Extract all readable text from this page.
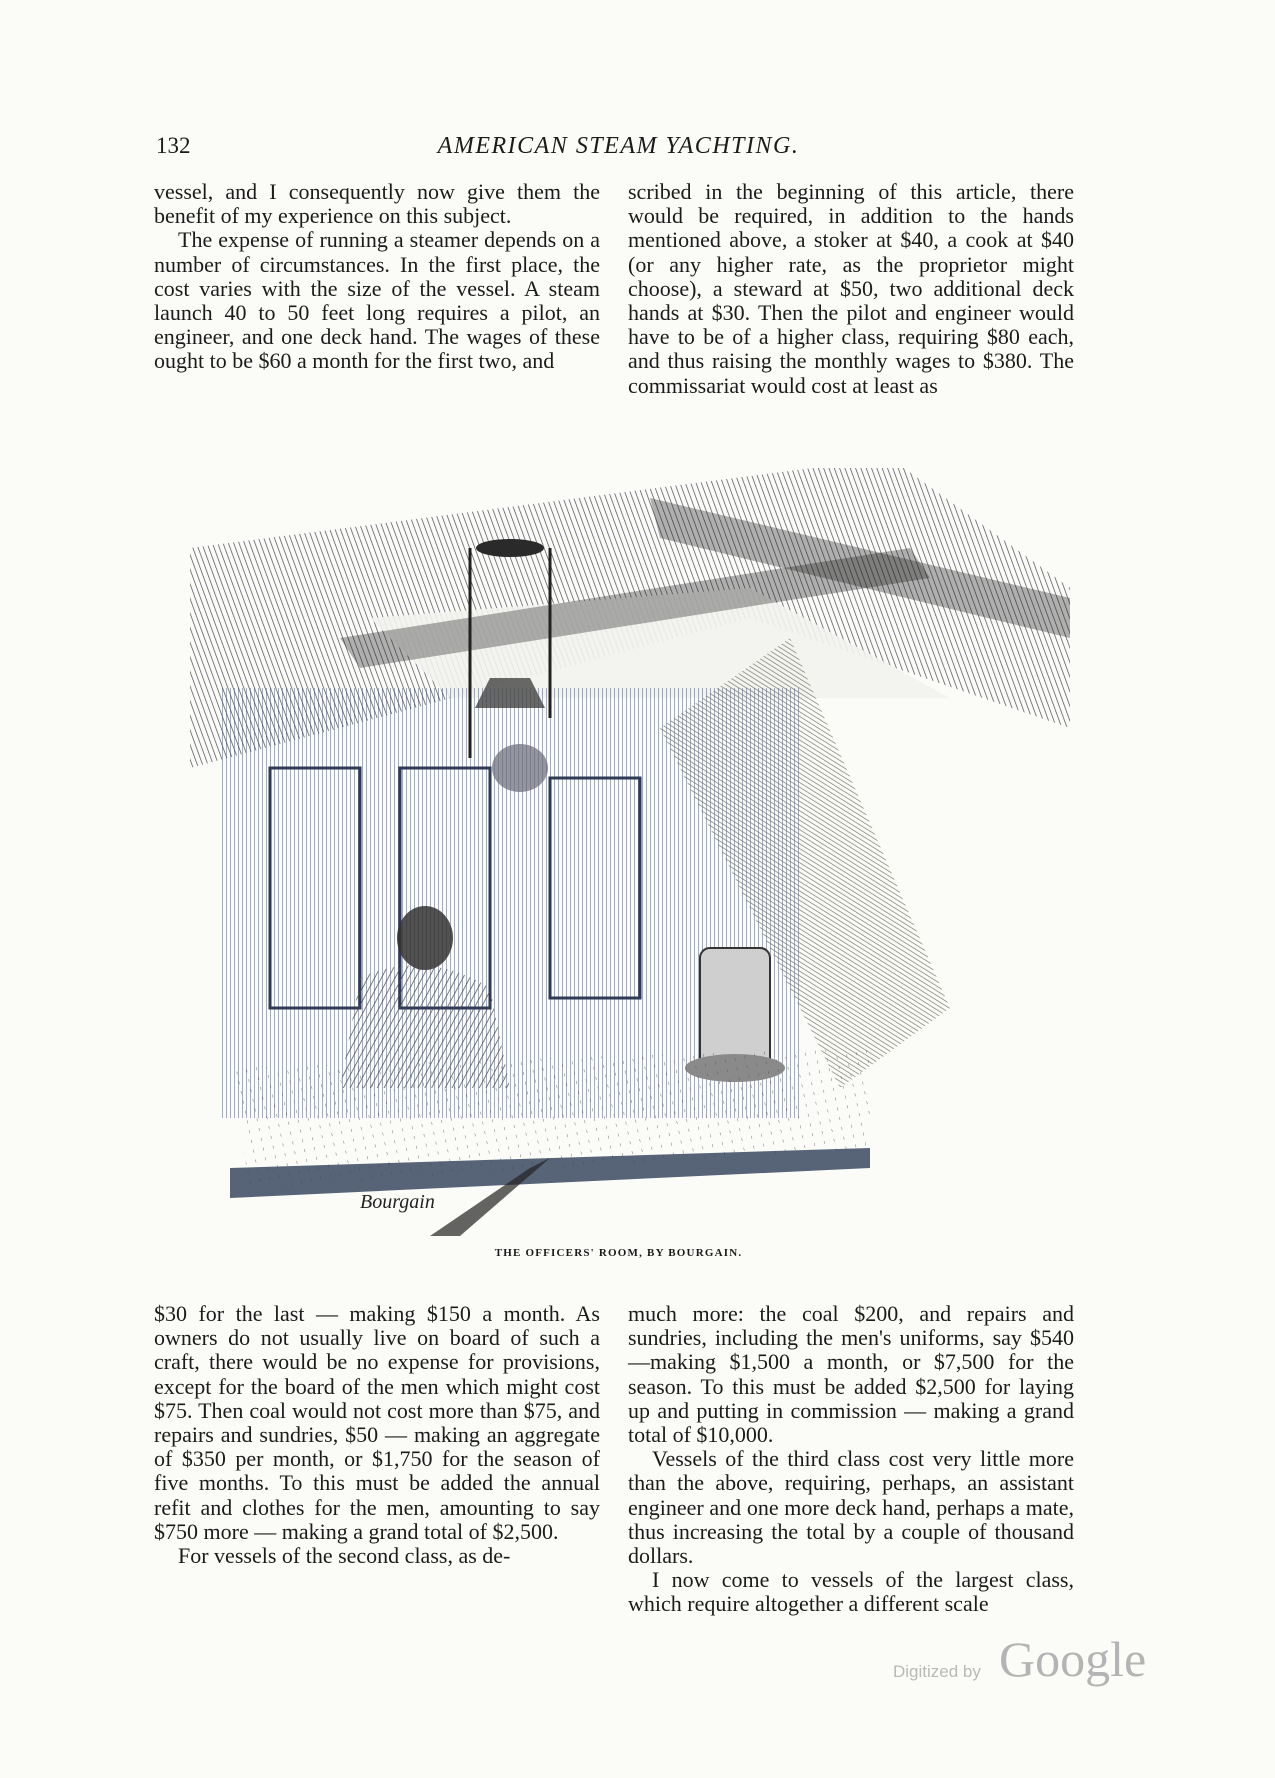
132	AMERICAN STEAM YACHTING.

vessel, and I consequently now give them the benefit of my experience on this subject.

The expense of running a steamer depends on a number of circumstances. In the first place, the cost varies with the size of the vessel. A steam launch 40 to 50 feet long requires a pilot, an engineer, and one deck hand. The wages of these ought to be $60 a month for the first two, and

scribed in the beginning of this article, there would be required, in addition to the hands mentioned above, a stoker at $40, a cook at $40 (or any higher rate, as the proprietor might choose), a steward at $50, two additional deck hands at $30. Then the pilot and engineer would have to be of a higher class, requiring $80 each, and thus raising the monthly wages to $380. The commissariat would cost at least as

Bourgain
THE OFFICERS' ROOM, BY BOURGAIN.

$30 for the last — making $150 a month. As owners do not usually live on board of such a craft, there would be no expense for provisions, except for the board of the men which might cost $75. Then coal would not cost more than $75, and repairs and sundries, $50 — making an aggregate of $350 per month, or $1,750 for the season of five months. To this must be added the annual refit and clothes for the men, amounting to say $750 more — making a grand total of $2,500.

For vessels of the second class, as de-

much more: the coal $200, and repairs and sundries, including the men's uniforms, say $540—making $1,500 a month, or $7,500 for the season. To this must be added $2,500 for laying up and putting in commission — making a grand total of $10,000.

Vessels of the third class cost very little more than the above, requiring, perhaps, an assistant engineer and one more deck hand, perhaps a mate, thus increasing the total by a couple of thousand dollars.

I now come to vessels of the largest class, which require altogether a different scale

Digitized by Google
